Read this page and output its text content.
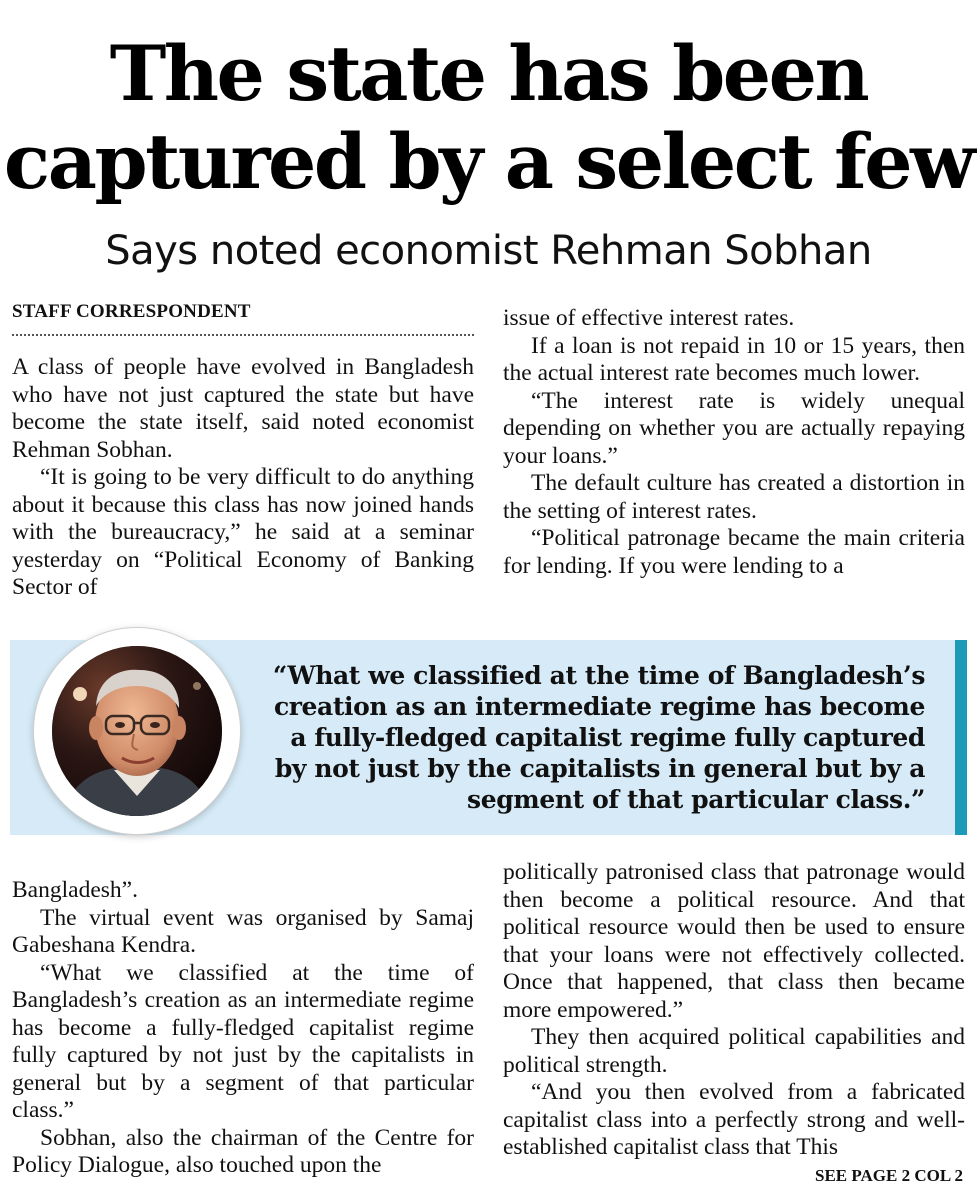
The state has been
captured by a select few
Says noted economist Rehman Sobhan
STAFF CORRESPONDENT

A class of people have evolved in Bangladesh who have not just captured the state but have become the state itself, said noted economist Rehman Sobhan.

“It is going to be very difficult to do anything about it because this class has now joined hands with the bureaucracy,” he said at a seminar yesterday on “Political Economy of Banking Sector of

issue of effective interest rates.

If a loan is not repaid in 10 or 15 years, then the actual interest rate becomes much lower.

“The interest rate is widely unequal depending on whether you are actually repaying your loans.”

The default culture has created a distortion in the setting of interest rates.

“Political patronage became the main criteria for lending. If you were lending to a

“What we classified at the time of Bangladesh’s
creation as an intermediate regime has become
a fully-fledged capitalist regime fully captured
by not just by the capitalists in general but by a
segment of that particular class.”

Bangladesh”.

The virtual event was organised by Samaj Gabeshana Kendra.

“What we classified at the time of Bangladesh’s creation as an intermediate regime has become a fully-fledged capitalist regime fully captured by not just by the capitalists in general but by a segment of that particular class.”

Sobhan, also the chairman of the Centre for Policy Dialogue, also touched upon the

politically patronised class that patronage would then become a political resource. And that political resource would then be used to ensure that your loans were not effectively collected. Once that happened, that class then became more empowered.”

They then acquired political capabilities and political strength.

“And you then evolved from a fabricated capitalist class into a perfectly strong and well-established capitalist class that This

SEE PAGE 2 COL 2
